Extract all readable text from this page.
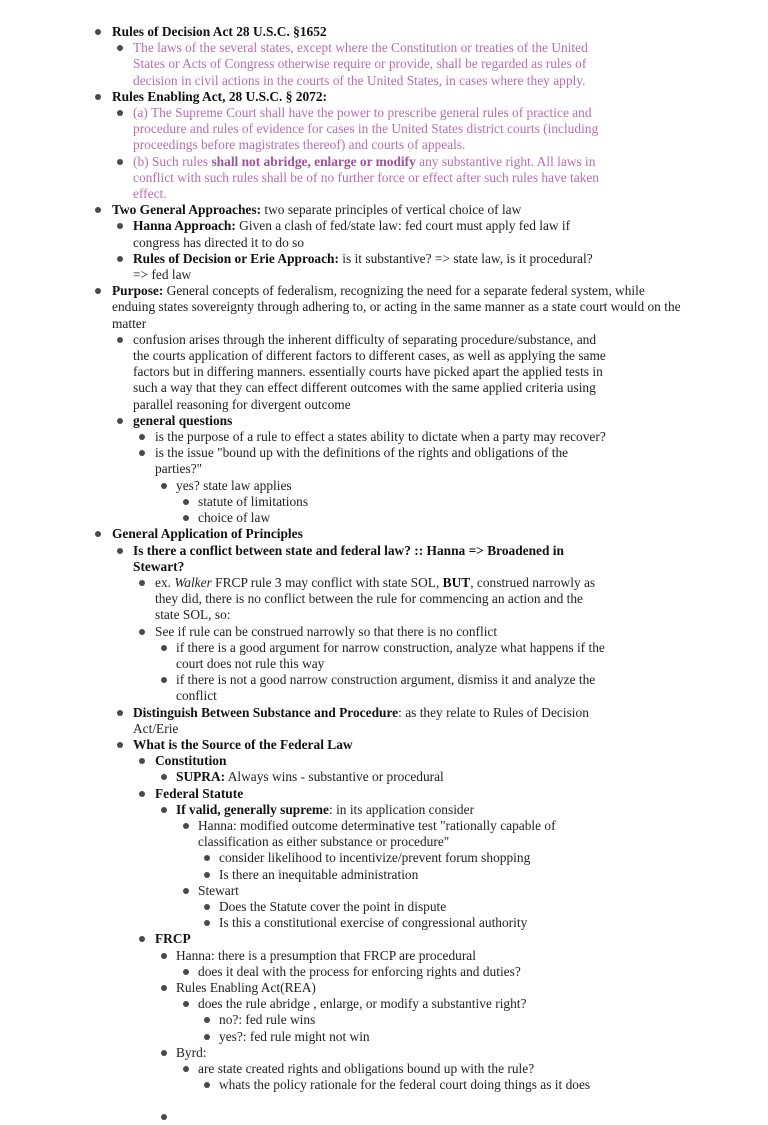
Rules of Decision Act 28 U.S.C. §1652
The laws of the several states, except where the Constitution or treaties of the United States or Acts of Congress otherwise require or provide, shall be regarded as rules of decision in civil actions in the courts of the United States, in cases where they apply.
Rules Enabling Act, 28 U.S.C. § 2072:
(a) The Supreme Court shall have the power to prescribe general rules of practice and procedure and rules of evidence for cases in the United States district courts (including proceedings before magistrates thereof) and courts of appeals.
(b) Such rules shall not abridge, enlarge or modify any substantive right. All laws in conflict with such rules shall be of no further force or effect after such rules have taken effect.
Two General Approaches: two separate principles of vertical choice of law
Hanna Approach: Given a clash of fed/state law: fed court must apply fed law if congress has directed it to do so
Rules of Decision or Erie Approach: is it substantive? => state law, is it procedural? => fed law
Purpose: General concepts of federalism, recognizing the need for a separate federal system, while enduing states sovereignty through adhering to, or acting in the same manner as a state court would on the matter
confusion arises through the inherent difficulty of separating procedure/substance, and the courts application of different factors to different cases, as well as applying the same factors but in differing manners. essentially courts have picked apart the applied tests in such a way that they can effect different outcomes with the same applied criteria using parallel reasoning for divergent outcome
general questions
is the purpose of a rule to effect a states ability to dictate when a party may recover?
is the issue "bound up with the definitions of the rights and obligations of the parties?"
yes? state law applies
statute of limitations
choice of law
General Application of Principles
Is there a conflict between state and federal law? :: Hanna => Broadened in Stewart?
ex. Walker FRCP rule 3 may conflict with state SOL, BUT, construed narrowly as they did, there is no conflict between the rule for commencing an action and the state SOL, so:
See if rule can be construed narrowly so that there is no conflict
if there is a good argument for narrow construction, analyze what happens if the court does not rule this way
if there is not a good narrow construction argument, dismiss it and analyze the conflict
Distinguish Between Substance and Procedure: as they relate to Rules of Decision Act/Erie
What is the Source of the Federal Law
Constitution
SUPRA: Always wins - substantive or procedural
Federal Statute
If valid, generally supreme: in its application consider
Hanna: modified outcome determinative test "rationally capable of classification as either substance or procedure"
consider likelihood to incentivize/prevent forum shopping
Is there an inequitable administration
Stewart
Does the Statute cover the point in dispute
Is this a constitutional exercise of congressional authority
FRCP
Hanna: there is a presumption that FRCP are procedural
does it deal with the process for enforcing rights and duties?
Rules Enabling Act(REA)
does the rule abridge , enlarge, or modify a substantive right?
no?: fed rule wins
yes?: fed rule might not win
Byrd:
are state created rights and obligations bound up with the rule?
whats the policy rationale for the federal court doing things as it does
